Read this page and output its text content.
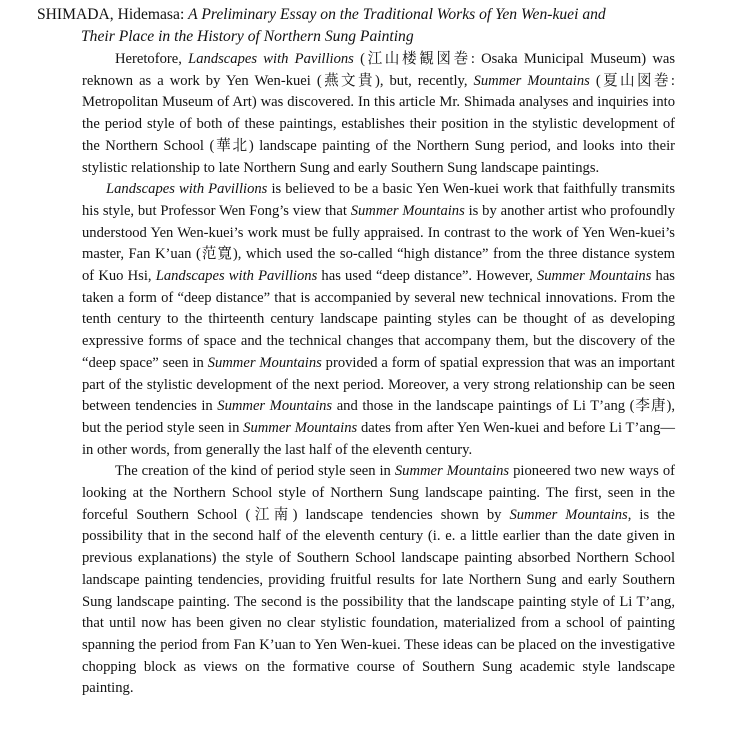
SHIMADA, Hidemasa: A Preliminary Essay on the Traditional Works of Yen Wen-kuei and
Their Place in the History of Northern Sung Painting

Heretofore, Landscapes with Pavillions (江山楼観図巻: Osaka Municipal Museum) was reknown as a work by Yen Wen-kuei (燕文貴), but, recently, Summer Mountains (夏山図巻: Metropolitan Museum of Art) was discovered. In this article Mr. Shimada analyses and inquiries into the period style of both of these paintings, establishes their position in the stylistic development of the Northern School (華北) landscape painting of the Northern Sung period, and looks into their stylistic relationship to late Northern Sung and early Southern Sung landscape paintings.

Landscapes with Pavillions is believed to be a basic Yen Wen-kuei work that faithfully transmits his style, but Professor Wen Fong’s view that Summer Mountains is by another artist who profoundly understood Yen Wen-kuei’s work must be fully appraised. In contrast to the work of Yen Wen-kuei’s master, Fan K’uan (范寛), which used the so-called “high distance” from the three distance system of Kuo Hsi, Landscapes with Pavillions has used “deep distance”. However, Summer Mountains has taken a form of “deep distance” that is accompanied by several new technical innovations. From the tenth century to the thirteenth century landscape painting styles can be thought of as developing expressive forms of space and the technical changes that accompany them, but the discovery of the “deep space” seen in Summer Mountains provided a form of spatial expression that was an important part of the stylistic development of the next period. Moreover, a very strong relationship can be seen between tendencies in Summer Mountains and those in the landscape paintings of Li T’ang (李唐), but the period style seen in Summer Mountains dates from after Yen Wen-kuei and before Li T’ang—in other words, from generally the last half of the eleventh century.

The creation of the kind of period style seen in Summer Mountains pioneered two new ways of looking at the Northern School style of Northern Sung landscape painting. The first, seen in the forceful Southern School (江南) landscape tendencies shown by Summer Mountains, is the possibility that in the second half of the eleventh century (i. e. a little earlier than the date given in previous explanations) the style of Southern School landscape painting absorbed Northern School landscape painting tendencies, providing fruitful results for late Northern Sung and early Southern Sung landscape painting. The second is the possibility that the landscape painting style of Li T’ang, that until now has been given no clear stylistic foundation, materialized from a school of painting spanning the period from Fan K’uan to Yen Wen-kuei. These ideas can be placed on the investigative chopping block as views on the formative course of Southern Sung academic style landscape painting.
